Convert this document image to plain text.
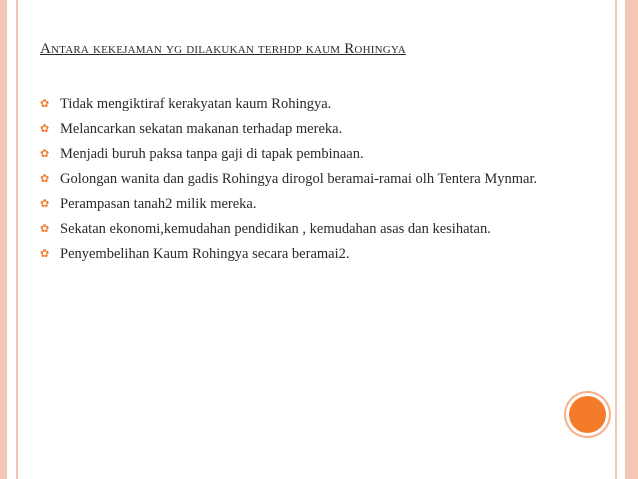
Antara kekejaman yg dilakukan terhdp kaum Rohingya
✿ Tidak mengiktiraf kerakyatan kaum Rohingya.
✿ Melancarkan sekatan makanan terhadap mereka.
✿ Menjadi buruh paksa tanpa gaji di tapak pembinaan.
✿ Golongan wanita dan gadis Rohingya dirogol beramai-ramai olh Tentera Mynmar.
✿ Perampasan tanah2 milik mereka.
✿ Sekatan ekonomi,kemudahan pendidikan , kemudahan asas dan kesihatan.
✿ Penyembelihan Kaum Rohingya secara beramai2.
